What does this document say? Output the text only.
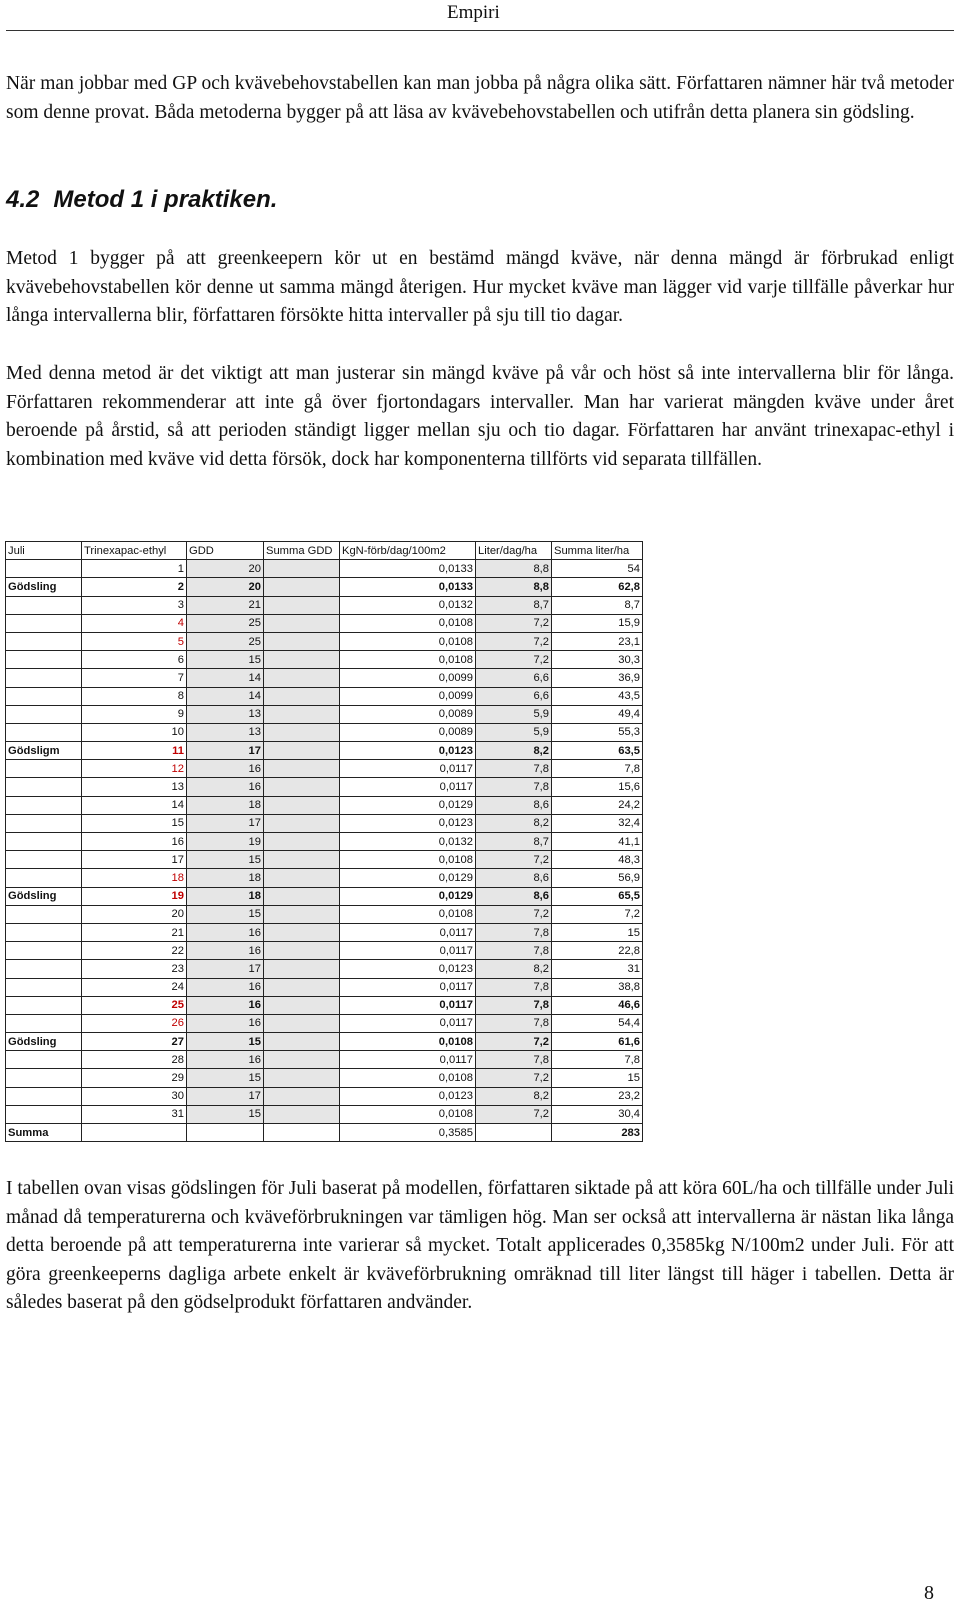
Empiri

När man jobbar med GP och kvävebehovstabellen kan man jobba på några olika sätt. Författaren nämner här två metoder som denne provat. Båda metoderna bygger på att läsa av kvävebehovstabellen och utifrån detta planera sin gödsling.

4.2 Metod 1 i praktiken.

Metod 1 bygger på att greenkeepern kör ut en bestämd mängd kväve, när denna mängd är förbrukad enligt kvävebehovstabellen kör denne ut samma mängd återigen. Hur mycket kväve man lägger vid varje tillfälle påverkar hur långa intervallerna blir, författaren försökte hitta intervaller på sju till tio dagar.

Med denna metod är det viktigt att man justerar sin mängd kväve på vår och höst så inte intervallerna blir för långa. Författaren rekommenderar att inte gå över fjortondagars intervaller. Man har varierat mängden kväve under året beroende på årstid, så att perioden ständigt ligger mellan sju och tio dagar. Författaren har använt trinexapac-ethyl i kombination med kväve vid detta försök, dock har komponenterna tillförts vid separata tillfällen.

Juli	Trinexapac-ethyl	GDD	Summa GDD	KgN-förb/dag/100m2	Liter/dag/ha	Summa liter/ha
	1	20		0,0133	8,8	54
Gödsling	2	20		0,0133	8,8	62,8
	3	21		0,0132	8,7	8,7
	4	25		0,0108	7,2	15,9
	5	25		0,0108	7,2	23,1
	6	15		0,0108	7,2	30,3
	7	14		0,0099	6,6	36,9
	8	14		0,0099	6,6	43,5
	9	13		0,0089	5,9	49,4
	10	13		0,0089	5,9	55,3
Gödsligm	11	17		0,0123	8,2	63,5
	12	16		0,0117	7,8	7,8
	13	16		0,0117	7,8	15,6
	14	18		0,0129	8,6	24,2
	15	17		0,0123	8,2	32,4
	16	19		0,0132	8,7	41,1
	17	15		0,0108	7,2	48,3
	18	18		0,0129	8,6	56,9
Gödsling	19	18		0,0129	8,6	65,5
	20	15		0,0108	7,2	7,2
	21	16		0,0117	7,8	15
	22	16		0,0117	7,8	22,8
	23	17		0,0123	8,2	31
	24	16		0,0117	7,8	38,8
	25	16		0,0117	7,8	46,6
	26	16		0,0117	7,8	54,4
Gödsling	27	15		0,0108	7,2	61,6
	28	16		0,0117	7,8	7,8
	29	15		0,0108	7,2	15
	30	17		0,0123	8,2	23,2
	31	15		0,0108	7,2	30,4
Summa				0,3585		283

I tabellen ovan visas gödslingen för Juli baserat på modellen, författaren siktade på att köra 60L/ha och tillfälle under Juli månad då temperaturerna och kväveförbrukningen var tämligen hög. Man ser också att intervallerna är nästan lika långa detta beroende på att temperaturerna inte varierar så mycket. Totalt applicerades 0,3585kg N/100m2 under Juli. För att göra greenkeeperns dagliga arbete enkelt är kväveförbrukning omräknad till liter längst till häger i tabellen. Detta är således baserat på den gödselprodukt författaren andvänder.

8
